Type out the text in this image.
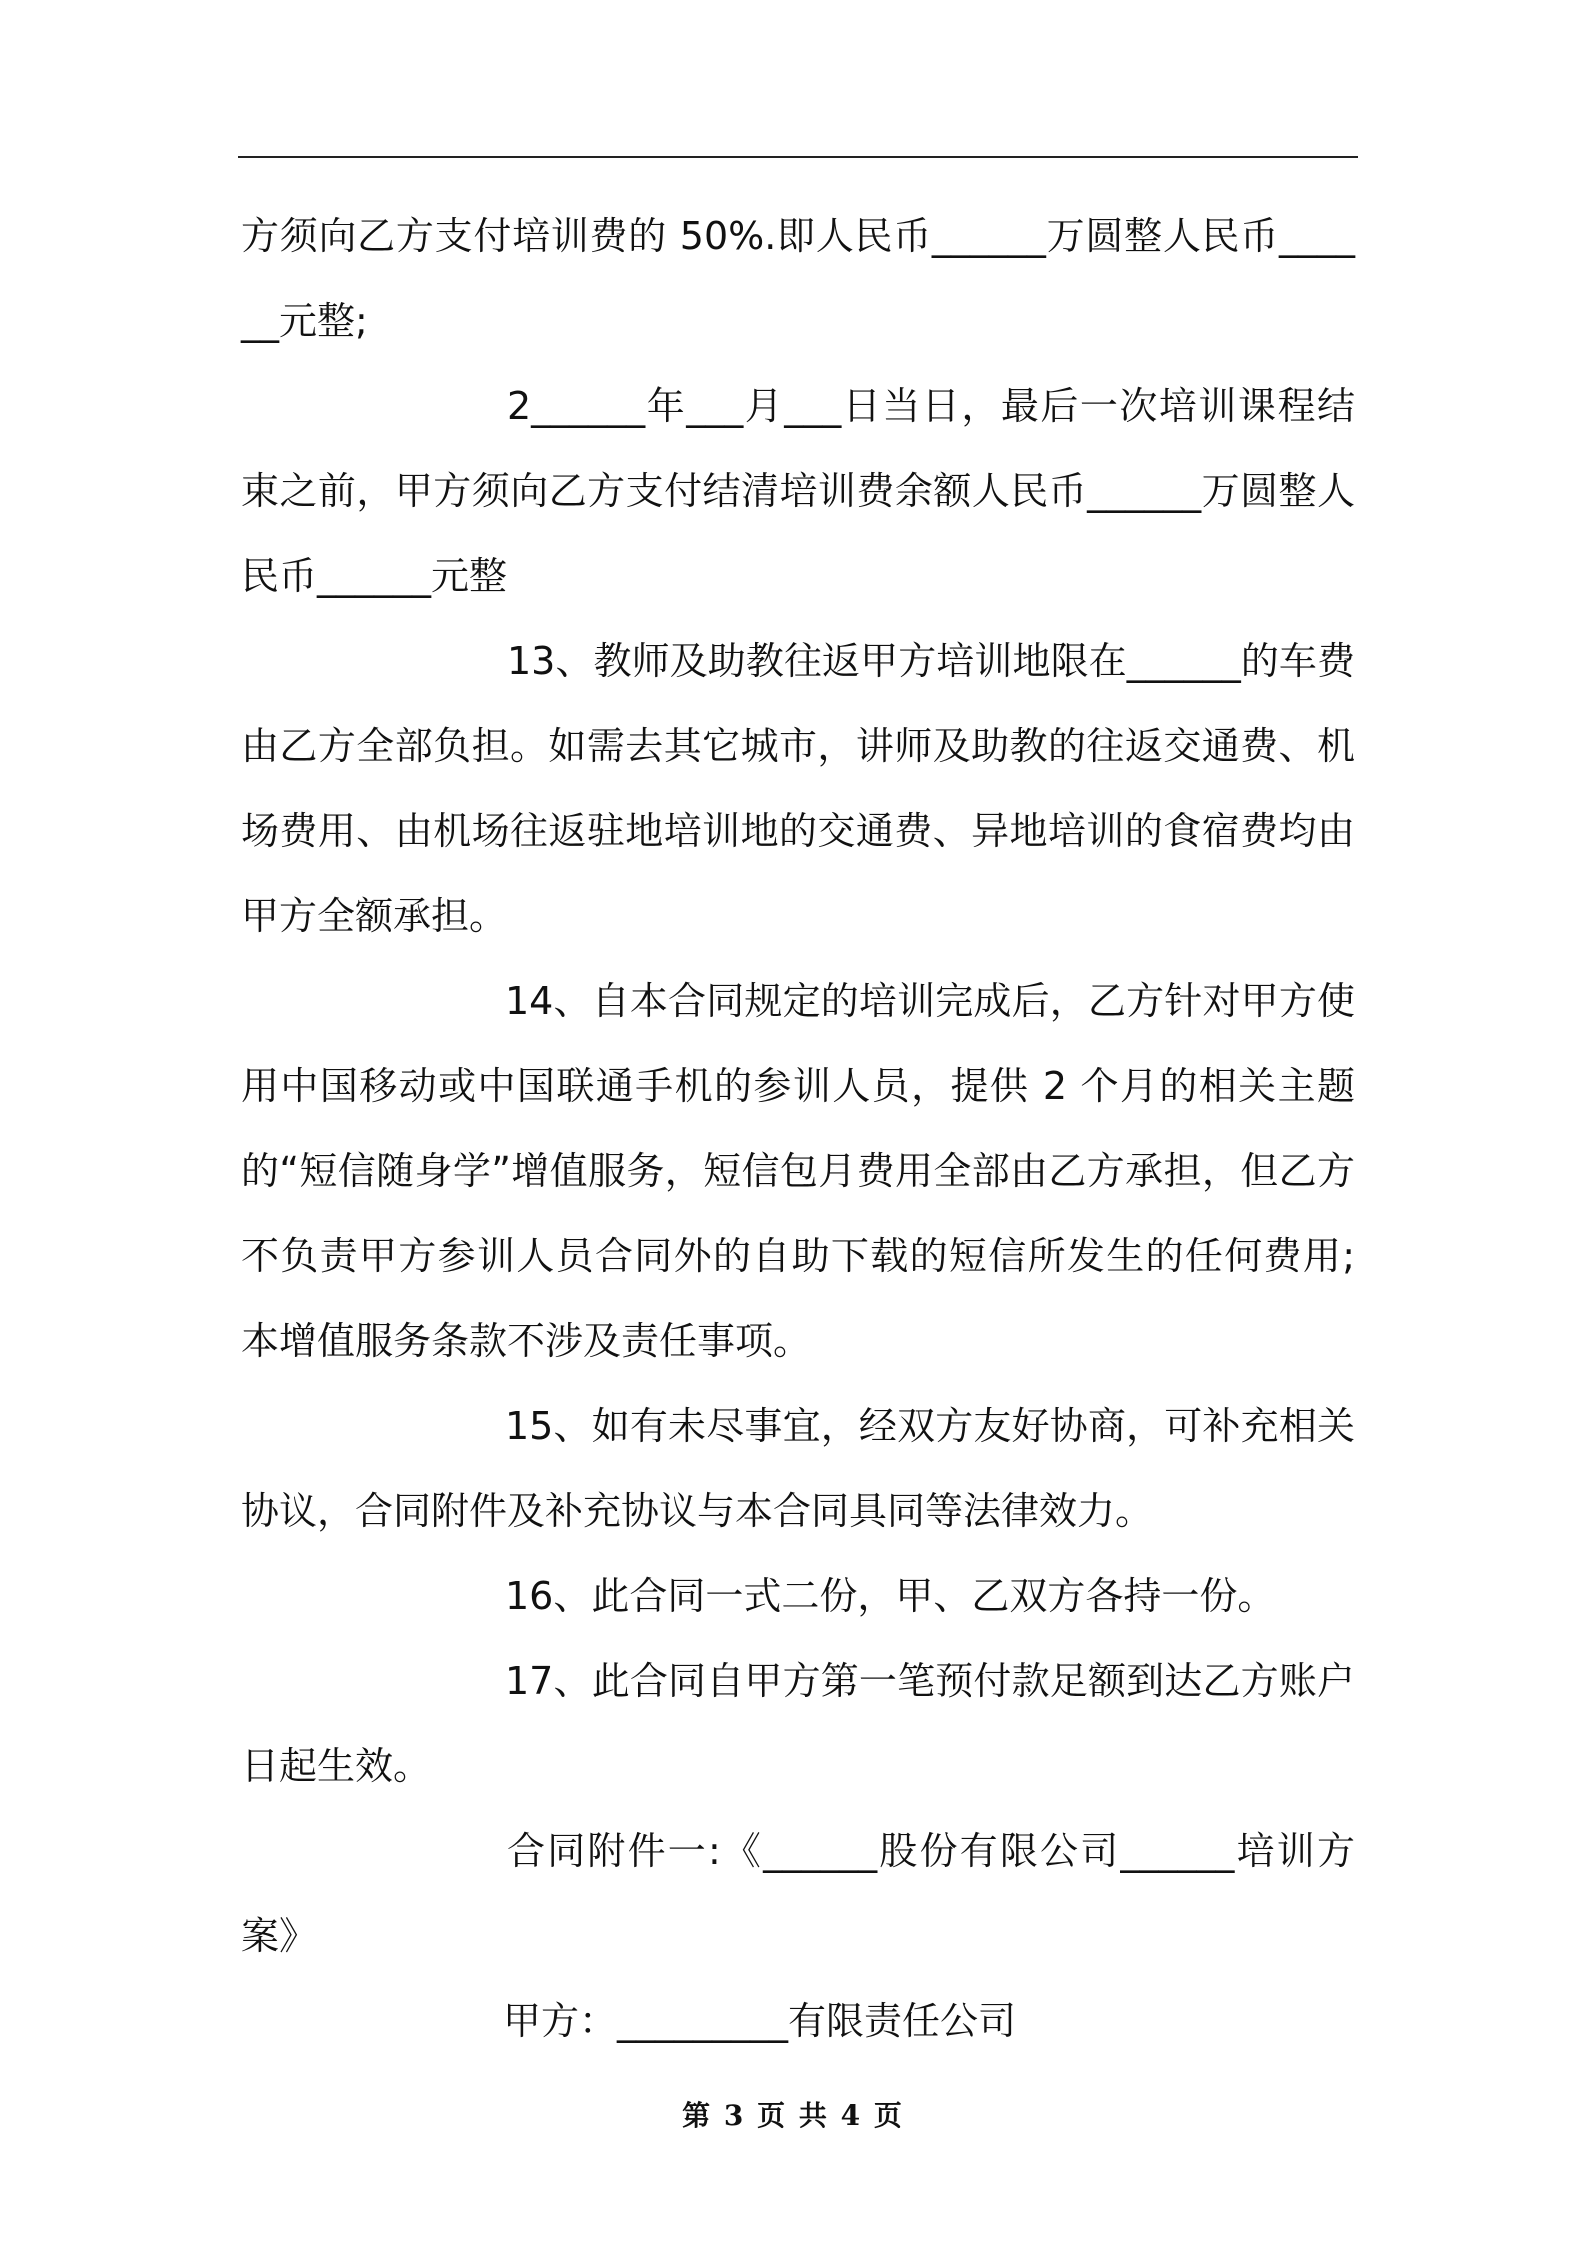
方须向乙方支付培训费的 50%.即人民币______万圆整人民币______元整;

2______年___月___日当日，最后一次培训课程结束之前，甲方须向乙方支付结清培训费余额人民币______万圆整人民币______元整

13、教师及助教往返甲方培训地限在______的车费由乙方全部负担。如需去其它城市，讲师及助教的往返交通费、机场费用、由机场往返驻地培训地的交通费、异地培训的食宿费均由甲方全额承担。

14、自本合同规定的培训完成后，乙方针对甲方使用中国移动或中国联通手机的参训人员，提供 2 个月的相关主题的“短信随身学”增值服务，短信包月费用全部由乙方承担，但乙方不负责甲方参训人员合同外的自助下载的短信所发生的任何费用;本增值服务条款不涉及责任事项。

15、如有未尽事宜，经双方友好协商，可补充相关协议，合同附件及补充协议与本合同具同等法律效力。

16、此合同一式二份，甲、乙双方各持一份。

17、此合同自甲方第一笔预付款足额到达乙方账户日起生效。

合同附件一:《______股份有限公司______培训方案》

甲方：_________有限责任公司

第 3 页 共 4 页
